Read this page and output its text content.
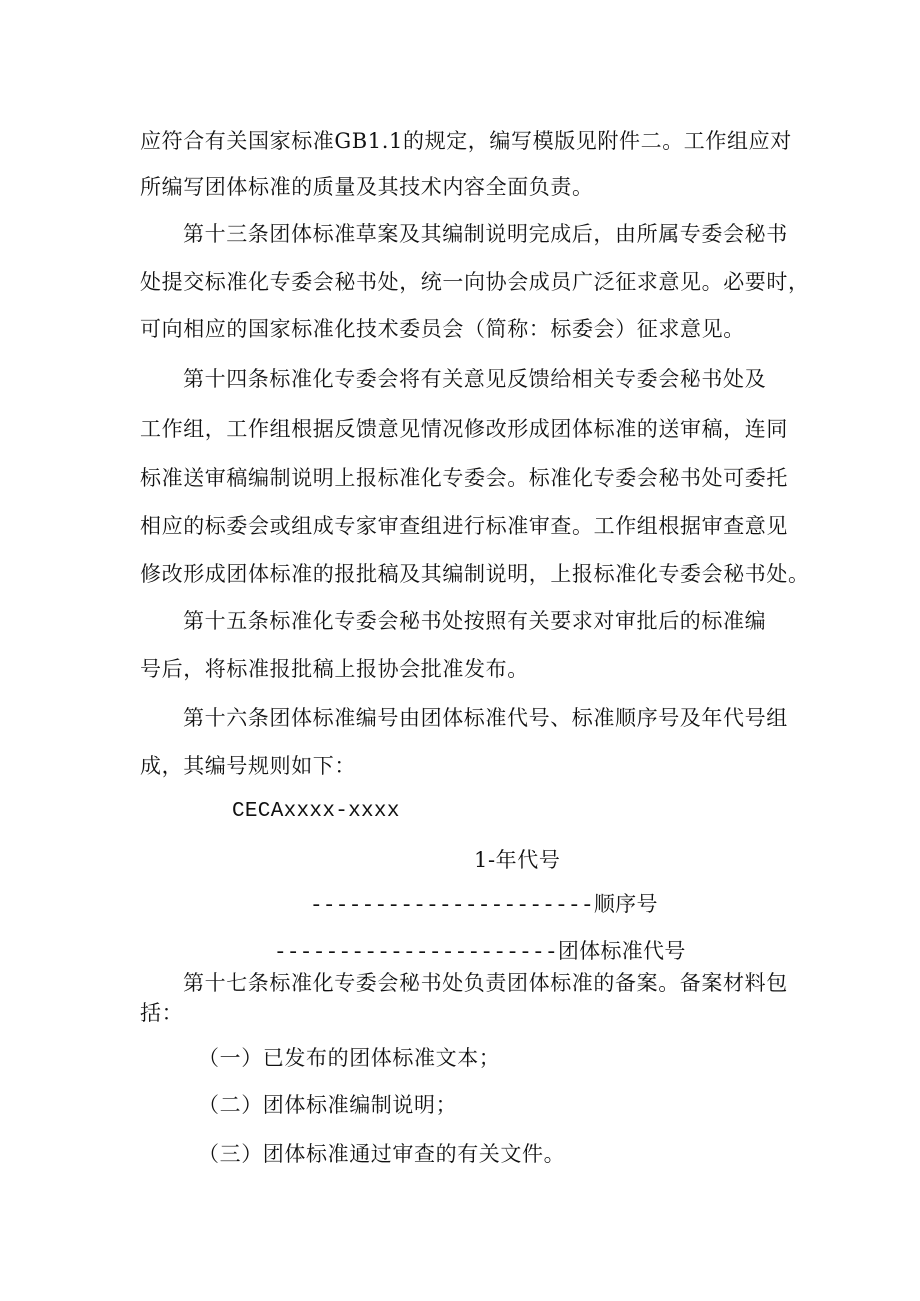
应符合有关国家标准GB1.1的规定，编写模版见附件二。工作组应对
所编写团体标准的质量及其技术内容全面负责。
第十三条团体标准草案及其编制说明完成后，由所属专委会秘书
处提交标准化专委会秘书处，统一向协会成员广泛征求意见。必要时，
可向相应的国家标准化技术委员会（简称：标委会）征求意见。
第十四条标准化专委会将有关意见反馈给相关专委会秘书处及
工作组，工作组根据反馈意见情况修改形成团体标准的送审稿，连同
标准送审稿编制说明上报标准化专委会。标准化专委会秘书处可委托
相应的标委会或组成专家审查组进行标准审查。工作组根据审查意见
修改形成团体标准的报批稿及其编制说明，上报标准化专委会秘书处。
第十五条标准化专委会秘书处按照有关要求对审批后的标准编
号后，将标准报批稿上报协会批准发布。
第十六条团体标准编号由团体标准代号、标准顺序号及年代号组
成，其编号规则如下：
CECAxxxx-xxxx
1-年代号
----------------------顺序号
----------------------团体标准代号
第十七条标准化专委会秘书处负责团体标准的备案。备案材料包
括：
（一）已发布的团体标准文本；
（二）团体标准编制说明；
（三）团体标准通过审查的有关文件。
